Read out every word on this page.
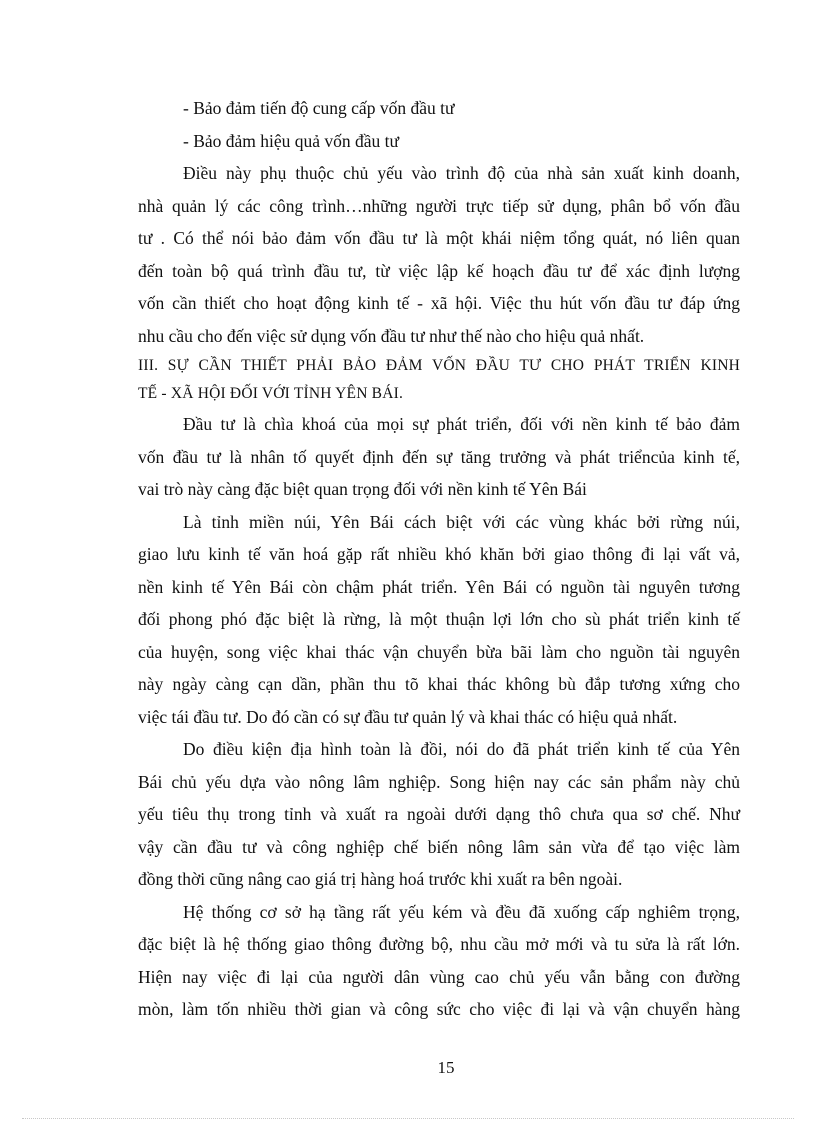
- Bảo đảm tiến độ cung cấp vốn đầu tư
- Bảo đảm hiệu quả vốn đầu tư
Điều này phụ thuộc chủ yếu vào trình độ của nhà sản xuất kinh doanh,
nhà quản lý các công trình…những người trực tiếp sử dụng, phân bổ vốn đầu
tư . Có thể nói bảo đảm vốn đầu tư là một khái niệm tổng quát, nó liên quan
đến toàn bộ quá trình đầu tư, từ việc lập kế hoạch đầu tư để xác định lượng
vốn cần thiết cho hoạt động kinh tế - xã hội. Việc thu hút vốn đầu tư đáp ứng
nhu cầu cho đến việc sử dụng vốn đầu tư như thế nào cho hiệu quả nhất.
III. SỰ CẦN THIẾT PHẢI BẢO ĐẢM VỐN ĐẦU TƯ CHO PHÁT TRIỂN KINH
TẾ - XÃ HỘI ĐỐI VỚI TỈNH YÊN BÁI.
Đầu tư là chìa khoá của mọi sự phát triển, đối với nền kinh tế bảo đảm
vốn đầu tư là nhân tố quyết định đến sự tăng trưởng và phát triểncủa kinh tế,
vai trò này càng đặc biệt quan trọng đối với nền kinh tế Yên Bái
Là tỉnh miền núi, Yên Bái cách biệt với các vùng khác bởi rừng núi,
giao lưu kinh tế văn hoá gặp rất nhiều khó khăn bởi giao thông đi lại vất vả,
nền kinh tế Yên Bái còn chậm phát triển. Yên Bái có nguồn tài nguyên tương
đối phong phó đặc biệt là rừng, là một thuận lợi lớn cho sù phát triển kinh tế
của huyện, song việc khai thác vận chuyển bừa bãi làm cho nguồn tài nguyên
này ngày càng cạn dần, phần thu tõ khai thác không bù đắp tương xứng cho
việc tái đầu tư. Do đó cần có sự đầu tư quản lý và khai thác có hiệu quả nhất.
Do điều kiện địa hình toàn là đồi, nói do đã phát triển kinh tế của Yên
Bái chủ yếu dựa vào nông lâm nghiệp. Song hiện nay các sản phẩm này chủ
yếu tiêu thụ trong tỉnh và xuất ra ngoài dưới dạng thô chưa qua sơ chế. Như
vậy cần đầu tư và công nghiệp chế biến nông lâm sản vừa để tạo việc làm
đồng thời cũng nâng cao giá trị hàng hoá trước khi xuất ra bên ngoài.
Hệ thống cơ sở hạ tầng rất yếu kém và đều đã xuống cấp nghiêm trọng,
đặc biệt là hệ thống giao thông đường bộ, nhu cầu mở mới và tu sửa là rất lớn.
Hiện nay việc đi lại của người dân vùng cao chủ yếu vẫn bằng con đường
mòn, làm tốn nhiều thời gian và công sức cho việc đi lại và vận chuyển hàng
15
